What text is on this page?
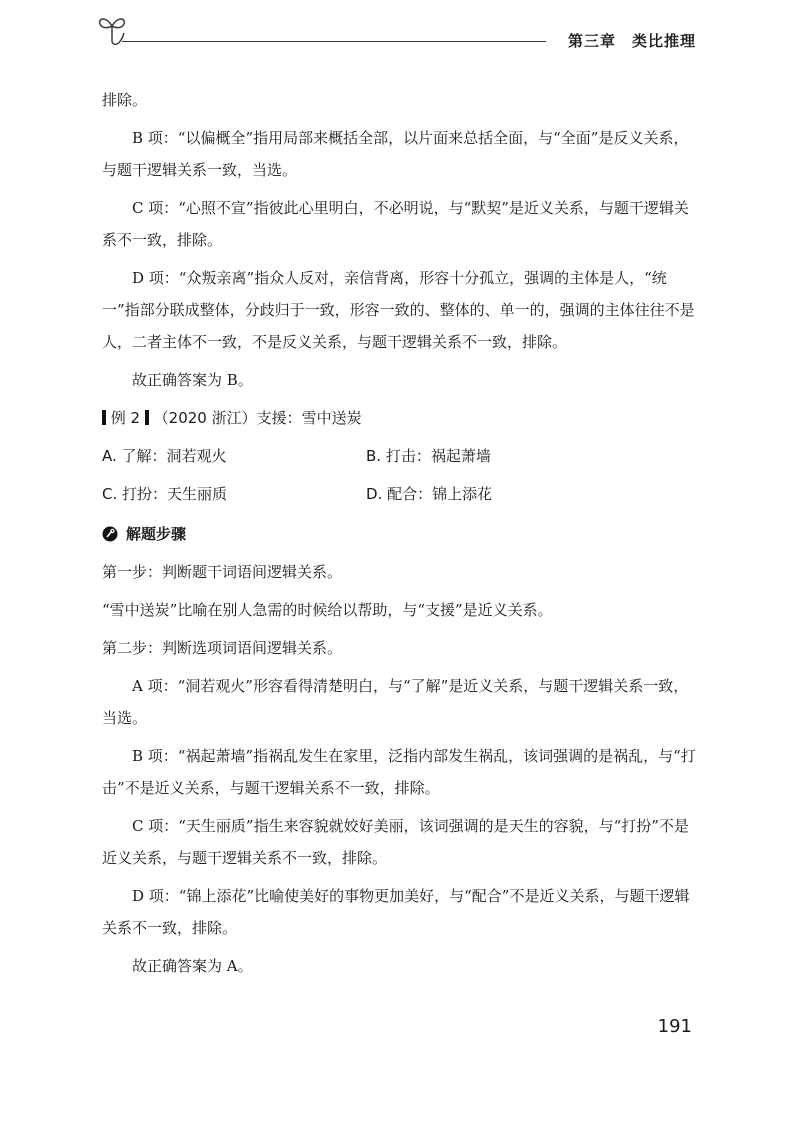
第三章　类比推理

排除。

B 项：“以偏概全”指用局部来概括全部，以片面来总括全面，与“全面”是反义关系，与题干逻辑关系一致，当选。

C 项：“心照不宣”指彼此心里明白，不必明说，与“默契”是近义关系，与题干逻辑关系不一致，排除。

D 项：“众叛亲离”指众人反对，亲信背离，形容十分孤立，强调的主体是人，“统一”指部分联成整体，分歧归于一致，形容一致的、整体的、单一的，强调的主体往往不是人，二者主体不一致，不是反义关系，与题干逻辑关系不一致，排除。

故正确答案为 B。

例 2 （2020 浙江）支援：雪中送炭
A. 了解：洞若观火	B. 打击：祸起萧墙
C. 打扮：天生丽质	D. 配合：锦上添花
解题步骤

第一步：判断题干词语间逻辑关系。

“雪中送炭”比喻在别人急需的时候给以帮助，与“支援”是近义关系。

第二步：判断选项词语间逻辑关系。

A 项：“洞若观火”形容看得清楚明白，与“了解”是近义关系，与题干逻辑关系一致，当选。

B 项：“祸起萧墙”指祸乱发生在家里，泛指内部发生祸乱，该词强调的是祸乱，与“打击”不是近义关系，与题干逻辑关系不一致，排除。

C 项：“天生丽质”指生来容貌就姣好美丽，该词强调的是天生的容貌，与“打扮”不是近义关系，与题干逻辑关系不一致，排除。

D 项：“锦上添花”比喻使美好的事物更加美好，与“配合”不是近义关系，与题干逻辑关系不一致，排除。

故正确答案为 A。

191
